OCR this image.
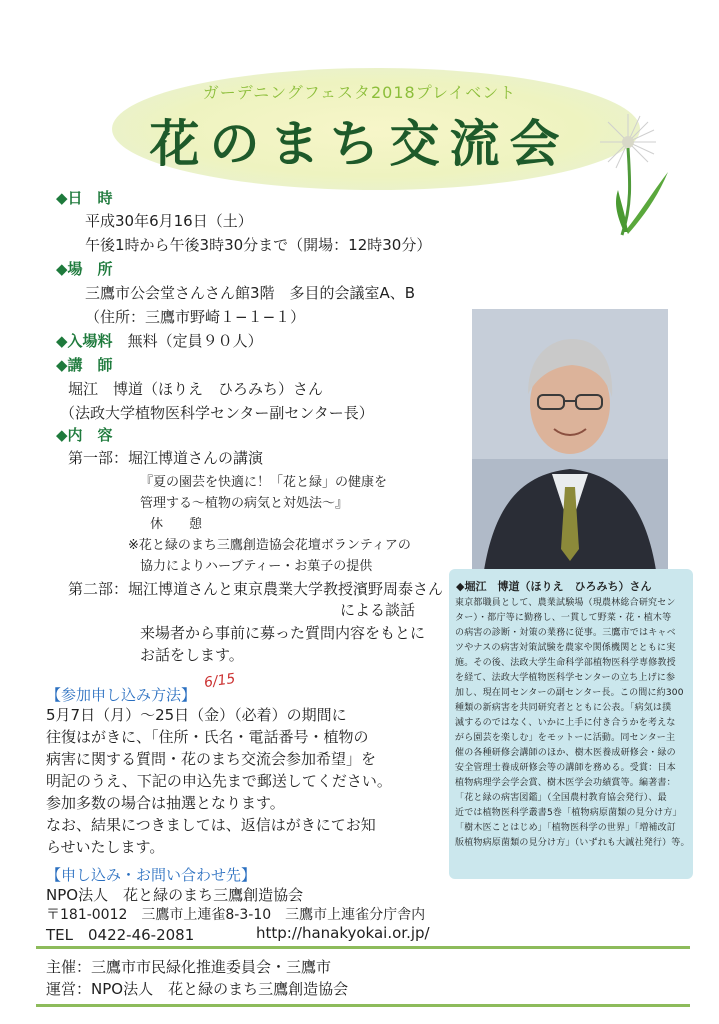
ガーデニングフェスタ2018プレイベント
花のまち交流会
◆日　時
平成30年6月16日（土）
午後1時から午後3時30分まで（開場：12時30分）
◆場　所
三鷹市公会堂さんさん館3階　多目的会議室A、B
（住所：三鷹市野崎１−１−１）
◆入場料　 無料（定員９０人）
◆講　師
堀江　博道（ほりえ　ひろみち）さん
（法政大学植物医科学センター副センター長）
◆内　容
第一部：堀江博道さんの講演
『夏の園芸を快適に！「花と緑」の健康を
管理する〜植物の病気と対処法〜』
休　　憩
※花と緑のまち三鷹創造協会花壇ボランティアの
協力によりハーブティー・お菓子の提供
第二部：堀江博道さんと東京農業大学教授濱野周泰さん
による談話
来場者から事前に募った質問内容をもとに
お話をします。
◆堀江　博道（ほりえ　ひろみち）さん
東京都職員として、農業試験場（現農林総合研究セン
ター）・都庁等に勤務し、一貫して野菜・花・植木等
の病害の診断・対策の業務に従事。三鷹市ではキャベ
ツやナスの病害対策試験を農家や関係機関とともに実
施。その後、法政大学生命科学部植物医科学専修教授
を経て、法政大学植物医科学センターの立ち上げに参
加し、現在同センターの副センター長。この間に約300
種類の新病害を共同研究者とともに公表。「病気は撲
滅するのではなく、いかに上手に付き合うかを考えな
がら園芸を楽しむ」をモットーに活動。同センター主
催の各種研修会講師のほか、樹木医養成研修会・緑の
安全管理士養成研修会等の講師を務める。受賞：日本
植物病理学会学会賞、樹木医学会功績賞等。編著書：
「花と緑の病害図鑑」（全国農村教育協会発行）、最
近では植物医科学叢書5巻「植物病原菌類の見分け方」
「樹木医ことはじめ」「植物医科学の世界」「増補改訂
版植物病原菌類の見分け方」（いずれも大誠社発行）等。
【参加申し込み方法】
6/15
5月7日（月）〜25日（金）（必着）の期間に
往復はがきに、「住所・氏名・電話番号・植物の
病害に関する質問・花のまち交流会参加希望」を
明記のうえ、下記の申込先まで郵送してください。
参加多数の場合は抽選となります。
なお、結果につきましては、返信はがきにてお知
らせいたします。
【申し込み・お問い合わせ先】
NPO法人　花と緑のまち三鷹創造協会
〒181-0012　三鷹市上連雀8-3-10　三鷹市上連雀分庁舎内
TEL　0422-46-2081	http://hanakyokai.or.jp/
主催：三鷹市市民緑化推進委員会・三鷹市
運営：NPO法人　花と緑のまち三鷹創造協会
